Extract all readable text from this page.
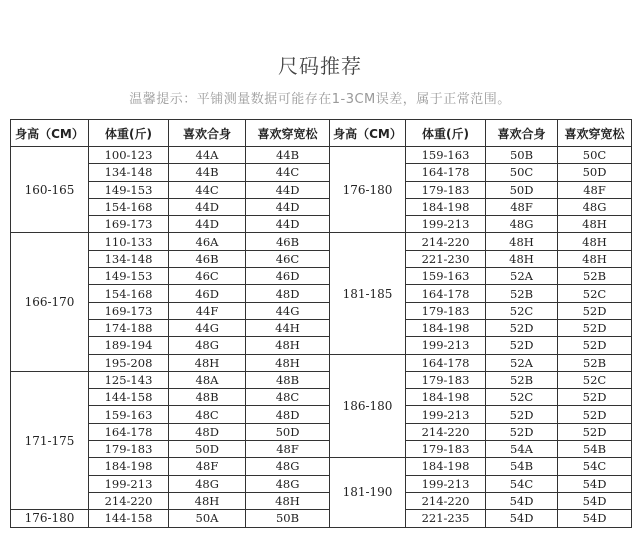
尺码推荐
温馨提示：平铺测量数据可能存在1-3CM误差，属于正常范围。
身高（CM）	体重(斤)	喜欢合身	喜欢穿宽松	身高（CM）	体重(斤)	喜欢合身	喜欢穿宽松
160-165	100-123	44A	44B	176-180	159-163	50B	50C
	134-148	44B	44C		164-178	50C	50D
	149-153	44C	44D		179-183	50D	48F
	154-168	44D	44D		184-198	48F	48G
	169-173	44D	44D		199-213	48G	48H
166-170	110-133	46A	46B	181-185	214-220	48H	48H
	134-148	46B	46C		221-230	48H	48H
	149-153	46C	46D		159-163	52A	52B
	154-168	46D	48D		164-178	52B	52C
	169-173	44F	44G		179-183	52C	52D
	174-188	44G	44H		184-198	52D	52D
	189-194	48G	48H		199-213	52D	52D
	195-208	48H	48H	186-180	164-178	52A	52B
171-175	125-143	48A	48B		179-183	52B	52C
	144-158	48B	48C		184-198	52C	52D
	159-163	48C	48D		199-213	52D	52D
	164-178	48D	50D		214-220	52D	52D
	179-183	50D	48F		179-183	54A	54B
	184-198	48F	48G	181-190	184-198	54B	54C
	199-213	48G	48G		199-213	54C	54D
	214-220	48H	48H		214-220	54D	54D
176-180	144-158	50A	50B		221-235	54D	54D
